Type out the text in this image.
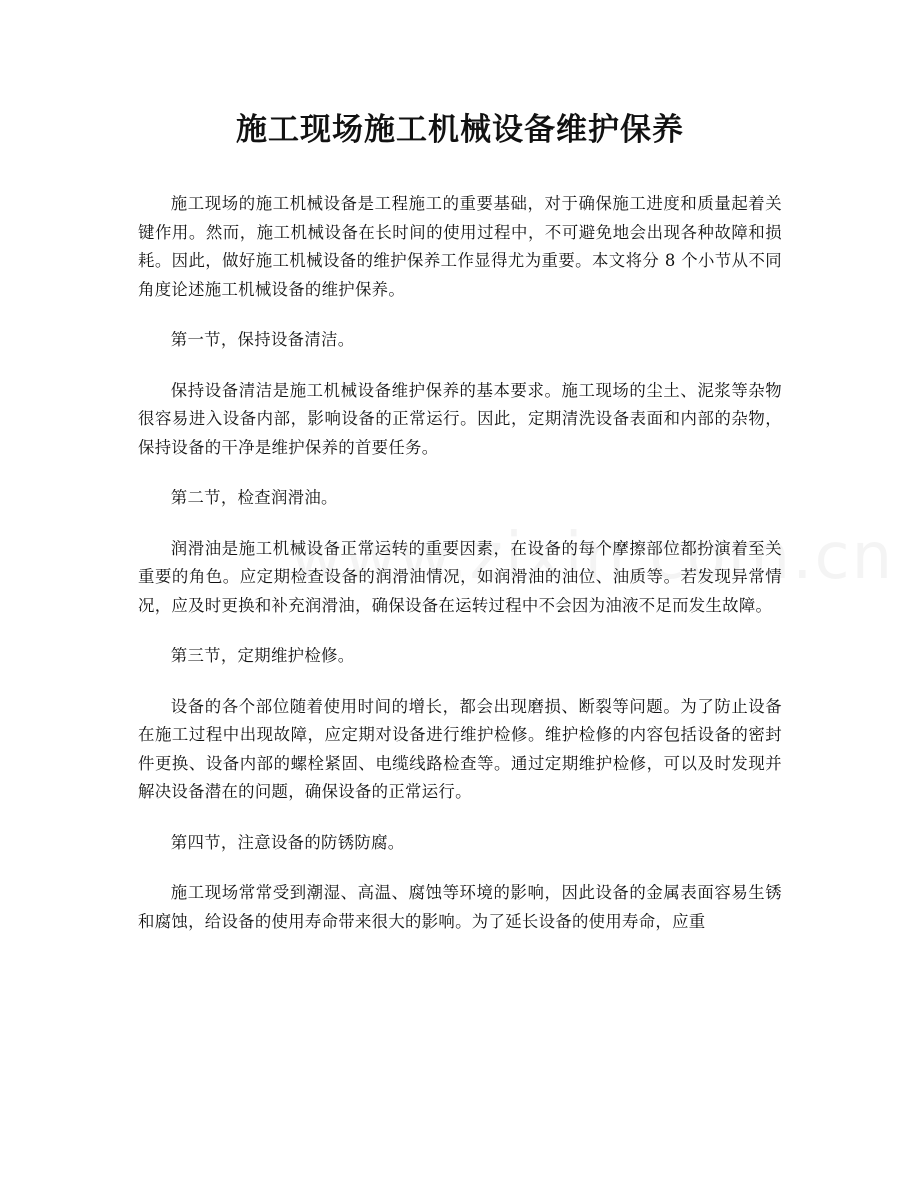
施工现场施工机械设备维护保养

施工现场的施工机械设备是工程施工的重要基础，对于确保施工进度和质量起着关键作用。然而，施工机械设备在长时间的使用过程中，不可避免地会出现各种故障和损耗。因此，做好施工机械设备的维护保养工作显得尤为重要。本文将分 8 个小节从不同角度论述施工机械设备的维护保养。

第一节，保持设备清洁。

保持设备清洁是施工机械设备维护保养的基本要求。施工现场的尘土、泥浆等杂物很容易进入设备内部，影响设备的正常运行。因此，定期清洗设备表面和内部的杂物，保持设备的干净是维护保养的首要任务。

第二节，检查润滑油。

润滑油是施工机械设备正常运转的重要因素，在设备的每个摩擦部位都扮演着至关重要的角色。应定期检查设备的润滑油情况，如润滑油的油位、油质等。若发现异常情况，应及时更换和补充润滑油，确保设备在运转过程中不会因为油液不足而发生故障。

第三节，定期维护检修。

设备的各个部位随着使用时间的增长，都会出现磨损、断裂等问题。为了防止设备在施工过程中出现故障，应定期对设备进行维护检修。维护检修的内容包括设备的密封件更换、设备内部的螺栓紧固、电缆线路检查等。通过定期维护检修，可以及时发现并解决设备潜在的问题，确保设备的正常运行。

第四节，注意设备的防锈防腐。

施工现场常常受到潮湿、高温、腐蚀等环境的影响，因此设备的金属表面容易生锈和腐蚀，给设备的使用寿命带来很大的影响。为了延长设备的使用寿命，应重
